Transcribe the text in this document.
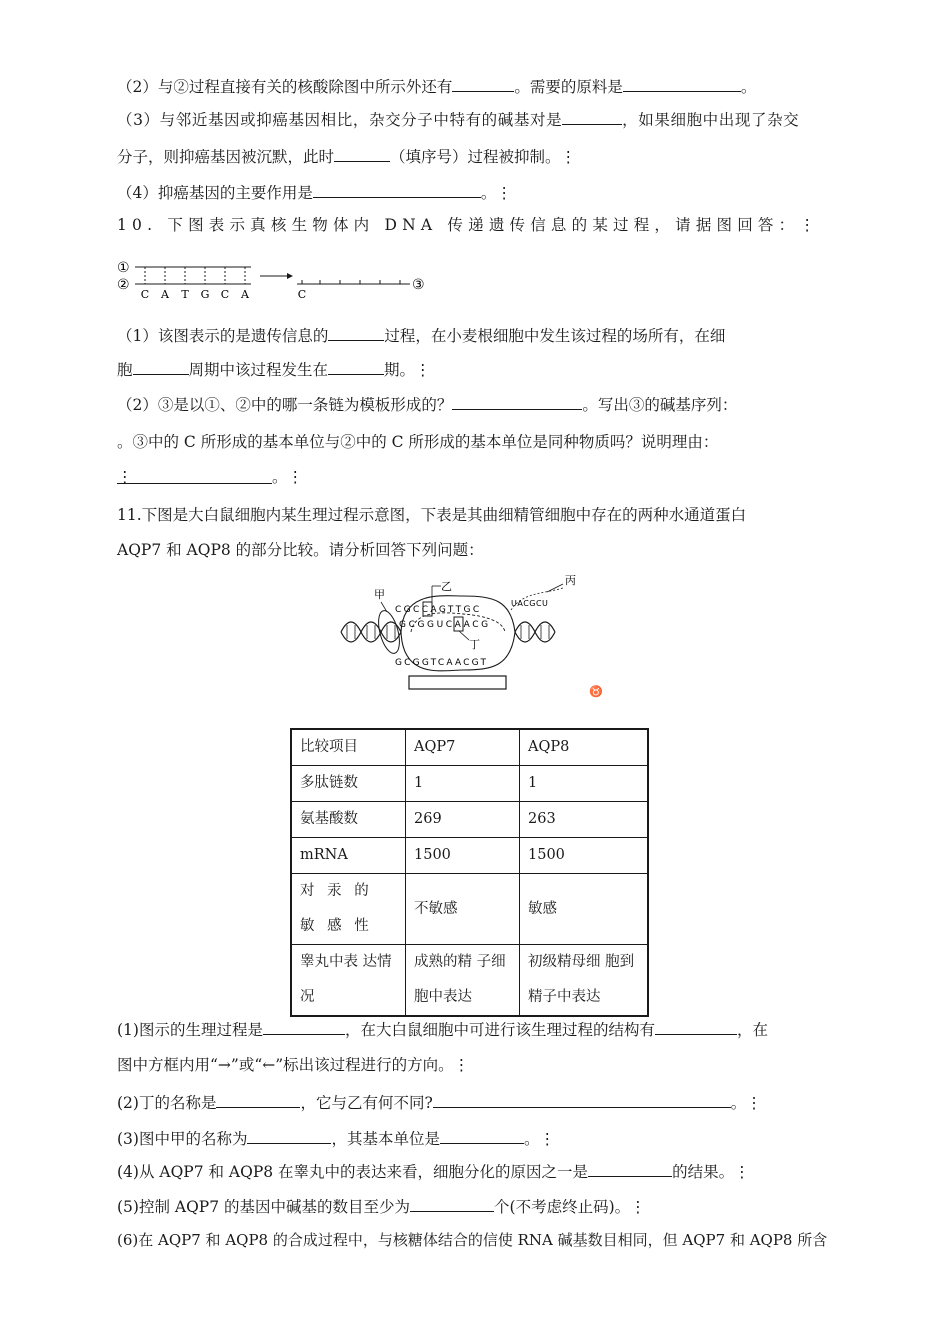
（2）与②过程直接有关的核酸除图中所示外还有	。需要的原料是	。
（3）与邻近基因或抑癌基因相比，杂交分子中特有的碱基对是	，如果细胞中出现了杂交
分子，则抑癌基因被沉默，此时	（填序号）过程被抑制。⋮
（4）抑癌基因的主要作用是	。⋮
10. 下图表示真核生物体内 DNA 传递遗传信息的某过程，请据图回答：⋮
①
②
C A T G C A	C
③
（1）该图表示的是遗传信息的	过程，在小麦根细胞中发生该过程的场所有，在细
胞	周期中该过程发生在	期。⋮
（2）③是以①、②中的哪一条链为模板形成的？	。写出③的碱基序列：
。③中的 C 所形成的基本单位与②中的 C 所形成的基本单位是同种物质吗？说明理由：
⋮	。⋮
11.下图是大白鼠细胞内某生理过程示意图，下表是其曲细精管细胞中存在的两种水通道蛋白
AQP7 和 AQP8 的部分比较。请分析回答下列问题：
甲
CGCCAGTTGC
GCGGUCAACG
GCGGTCAACGT
UACGCU
乙
丁
丙
♉
比较项目	AQP7	AQP8
多肽链数	1	1
氨基酸数	269	263
mRNA	1500	1500
对 汞 的 敏 感 性	不敏感	敏感
睾丸中表 达情况	成熟的精 子细胞中表达	初级精母细 胞到精子中表达
(1)图示的生理过程是	，在大白鼠细胞中可进行该生理过程的结构有	，在
图中方框内用“→”或“←”标出该过程进行的方向。⋮
(2)丁的名称是	，它与乙有何不同?	。⋮
(3)图中甲的名称为	，其基本单位是	。⋮
(4)从 AQP7 和 AQP8 在睾丸中的表达来看，细胞分化的原因之一是	的结果。⋮
(5)控制 AQP7 的基因中碱基的数目至少为	个(不考虑终止码)。⋮
(6)在 AQP7 和 AQP8 的合成过程中，与核糖体结合的信使 RNA 碱基数目相同，但 AQP7 和 AQP8 所含
